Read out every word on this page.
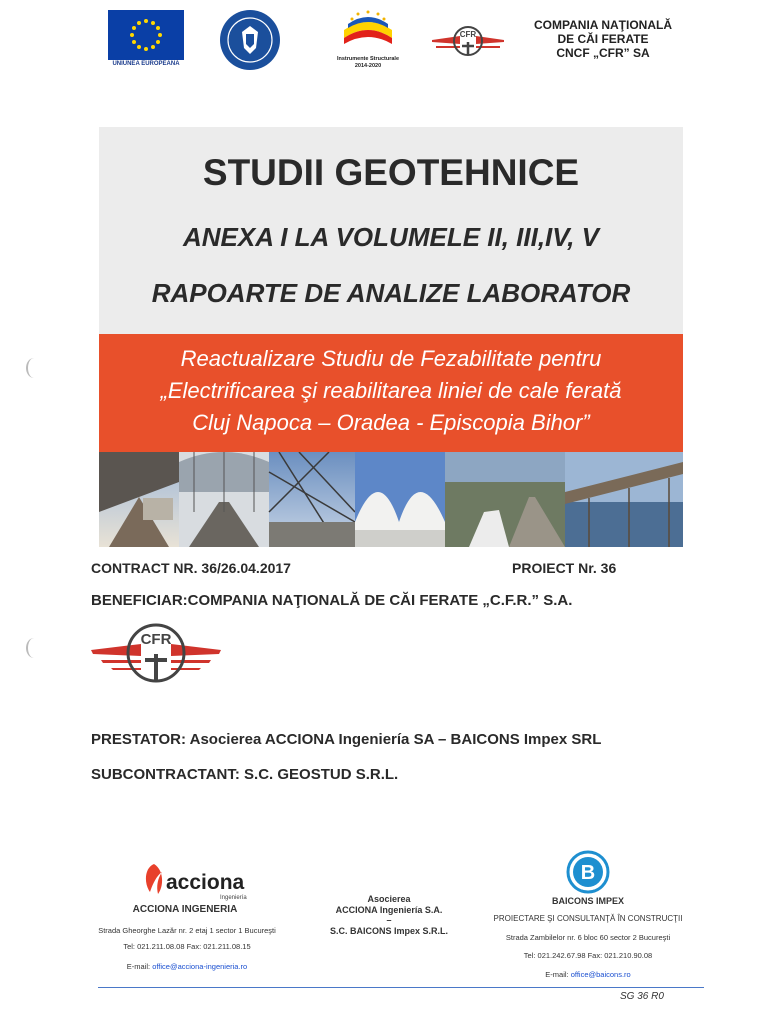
UNIUNEA EUROPEANĂ
Instrumente Structurale
2014-2020
CFR
COMPANIA NAŢIONALĂ
DE CĂI FERATE
CNCF „CFR” SA
STUDII GEOTEHNICE
ANEXA I LA VOLUMELE II, III,IV, V
RAPOARTE DE ANALIZE LABORATOR
Reactualizare Studiu de Fezabilitate pentru
„Electrificarea şi reabilitarea liniei de cale ferată
Cluj Napoca – Oradea - Episcopia Bihor”
CONTRACT NR. 36/26.04.2017	PROIECT Nr. 36
BENEFICIAR:COMPANIA NAŢIONALĂ DE CĂI FERATE „C.F.R.” S.A.
CFR
PRESTATOR: Asocierea ACCIONA Ingeniería SA – BAICONS Impex SRL
SUBCONTRACTANT: S.C. GEOSTUD S.R.L.
acciona
Ingeniería
ACCIONA INGENERIA
Strada Gheorghe Lazăr nr. 2 etaj 1 sector 1 Bucureşti
Tel: 021.211.08.08 Fax: 021.211.08.15
E-mail: office@acciona-ingenieria.ro
Asocierea
ACCIONA Ingeniería S.A.
–
S.C. BAICONS Impex S.R.L.
B
BAICONS IMPEX
PROIECTARE ŞI CONSULTANŢĂ ÎN CONSTRUCŢII
Strada Zambilelor nr. 6 bloc 60 sector 2 Bucureşti
Tel: 021.242.67.98 Fax: 021.210.90.08
E-mail: office@baicons.ro
SG 36 R0
